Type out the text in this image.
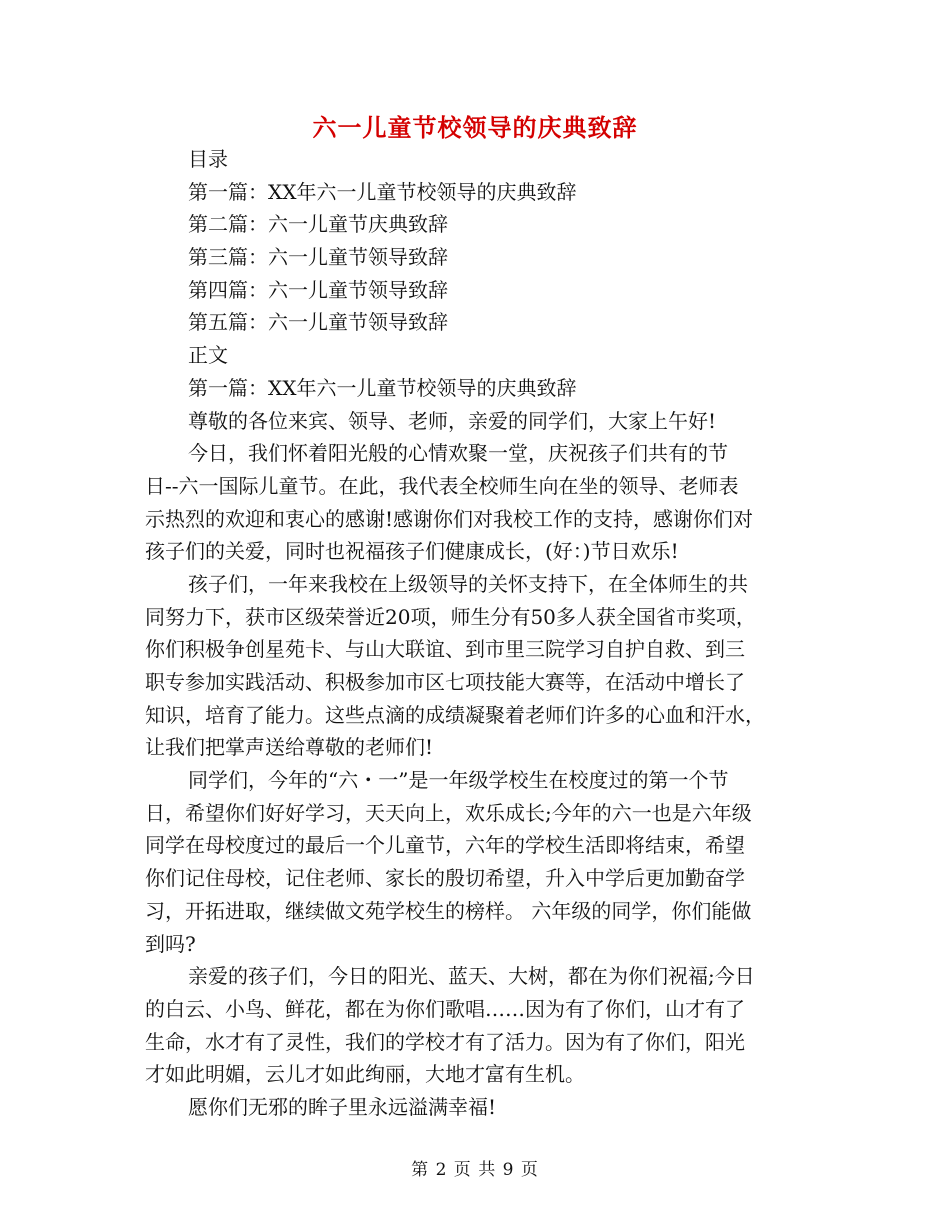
六一儿童节校领导的庆典致辞
目录
第一篇：XX年六一儿童节校领导的庆典致辞
第二篇：六一儿童节庆典致辞
第三篇：六一儿童节领导致辞
第四篇：六一儿童节领导致辞
第五篇：六一儿童节领导致辞
正文
第一篇：XX年六一儿童节校领导的庆典致辞
尊敬的各位来宾、领导、老师，亲爱的同学们，大家上午好!
今日，我们怀着阳光般的心情欢聚一堂，庆祝孩子们共有的节
日--六一国际儿童节。在此，我代表全校师生向在坐的领导、老师表
示热烈的欢迎和衷心的感谢!感谢你们对我校工作的支持，感谢你们对
孩子们的关爱，同时也祝福孩子们健康成长，(好：)节日欢乐!
孩子们，一年来我校在上级领导的关怀支持下，在全体师生的共
同努力下，获市区级荣誉近20项，师生分有50多人获全国省市奖项，
你们积极争创星苑卡、与山大联谊、到市里三院学习自护自救、到三
职专参加实践活动、积极参加市区七项技能大赛等，在活动中增长了
知识，培育了能力。这些点滴的成绩凝聚着老师们许多的心血和汗水，
让我们把掌声送给尊敬的老师们!
同学们，今年的“六・一”是一年级学校生在校度过的第一个节
日，希望你们好好学习，天天向上，欢乐成长;今年的六一也是六年级
同学在母校度过的最后一个儿童节，六年的学校生活即将结束，希望
你们记住母校，记住老师、家长的殷切希望，升入中学后更加勤奋学
习，开拓进取，继续做文苑学校生的榜样。 六年级的同学，你们能做
到吗?
亲爱的孩子们，今日的阳光、蓝天、大树，都在为你们祝福;今日
的白云、小鸟、鲜花，都在为你们歌唱……因为有了你们，山才有了
生命，水才有了灵性，我们的学校才有了活力。因为有了你们，阳光
才如此明媚，云儿才如此绚丽，大地才富有生机。
愿你们无邪的眸子里永远溢满幸福!
第 2 页 共 9 页
